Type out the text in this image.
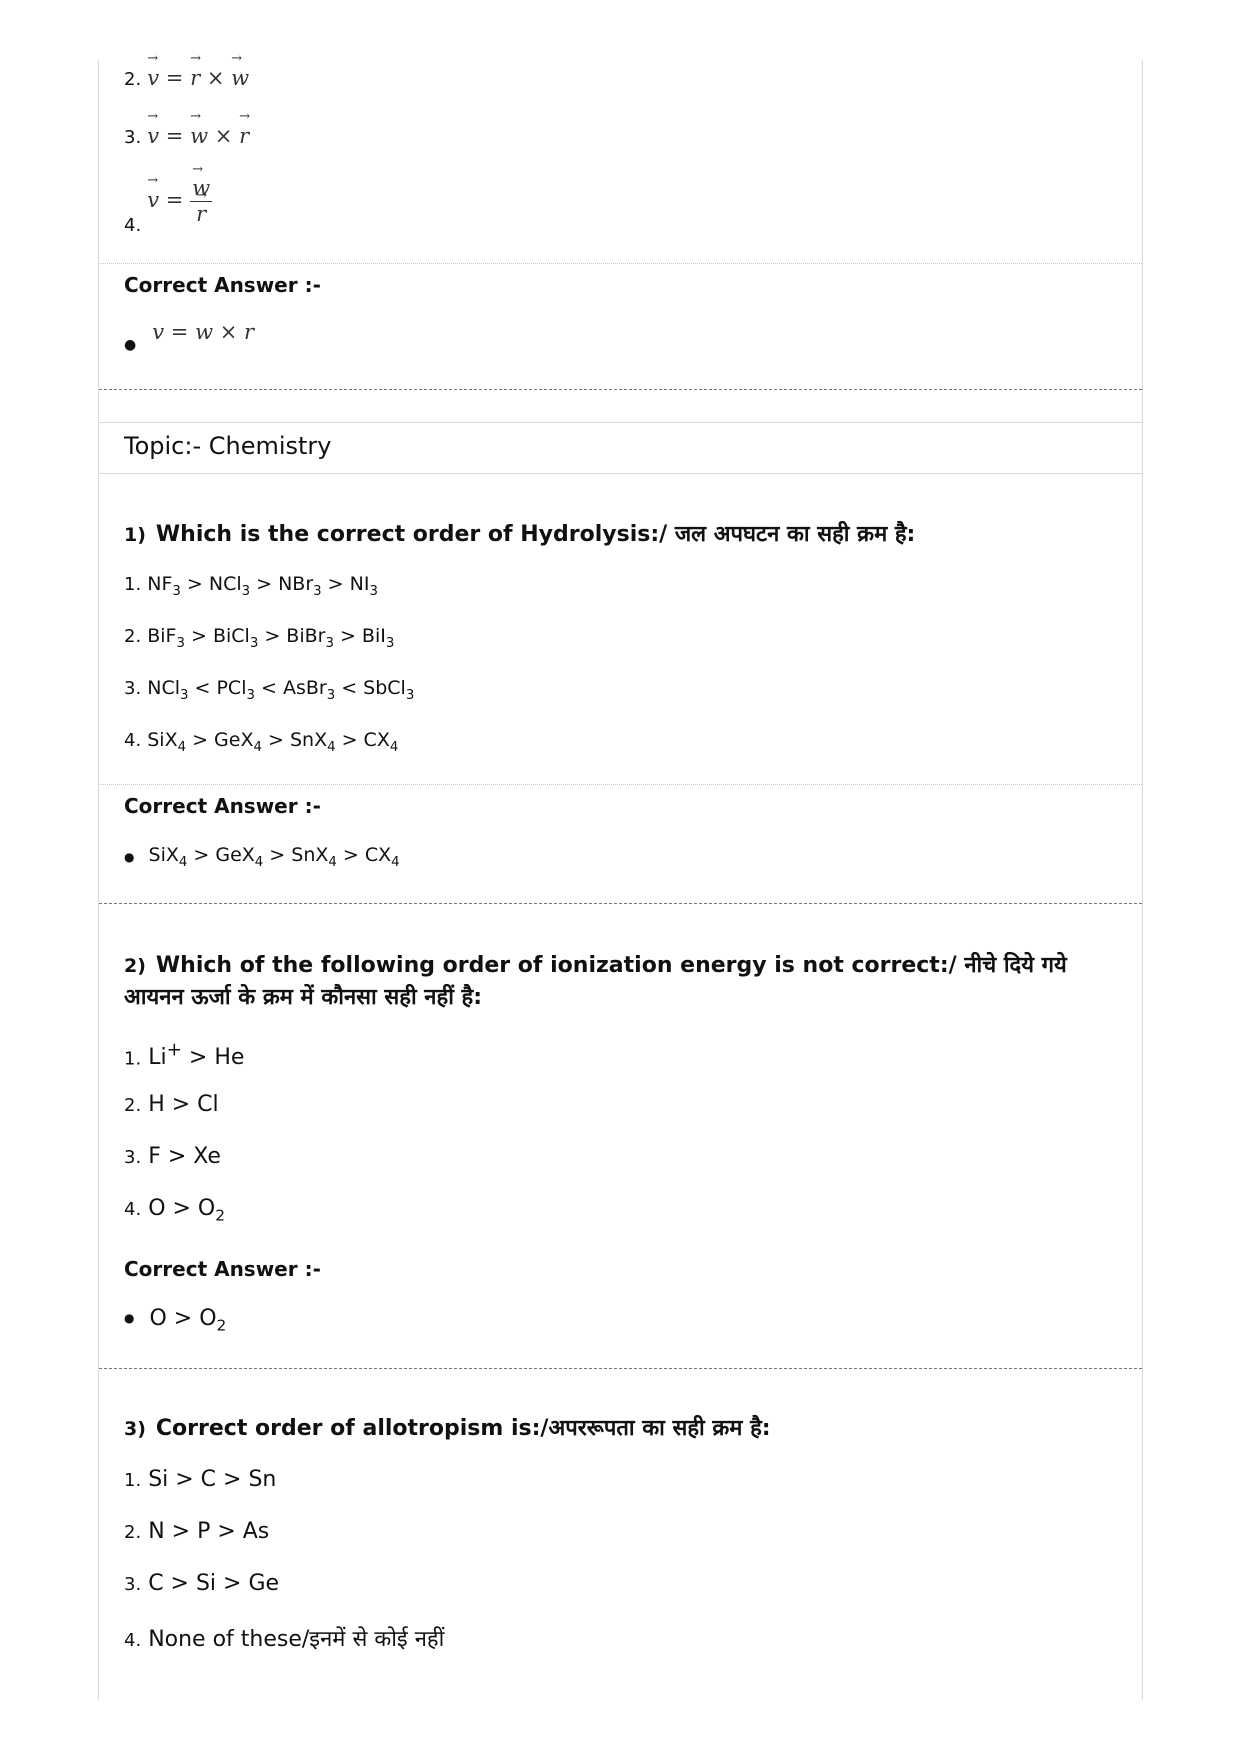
2. → v = → r × → w
3. → v = → w × → r
4. → v = → w
→ r
Correct Answer :-
$_●$ v = w × r
Topic:- Chemistry
1) Which is the correct order of Hydrolysis:/ जल अपघटन का सही क्रम है:
1. $NF_3 > NCl_3 > NBr_3 > NI_3$
2. BiF$_3$ > BiCl$_3$ > BiBr$_3$ > BiI$_3$
3. NCl$_3$ < PCl$_3$ < AsBr$_3$ < SbCl$_3$
4. $SiX_4 > GeX_4 > SnX_4 > CX_4$
Correct Answer :-
● $SiX_4 > GeX_4 > SnX_4 > CX_4$
2) Which of the following order of ionization energy is not correct:/ नीचे दिये गये आयनन ऊर्जा के क्रम में कौनसा सही नहीं है:
1. Li+ > He
2. H > Cl
3. F > Xe
4. $O > O_2$
Correct Answer :-
● $O > O_2$
3) Correct order of allotropism is:/अपररूपता का सही क्रम है:
1. Si > C > Sn
2. N > P > As
3. C > Si > Ge
4. None of these/इनमें से कोई नहीं
